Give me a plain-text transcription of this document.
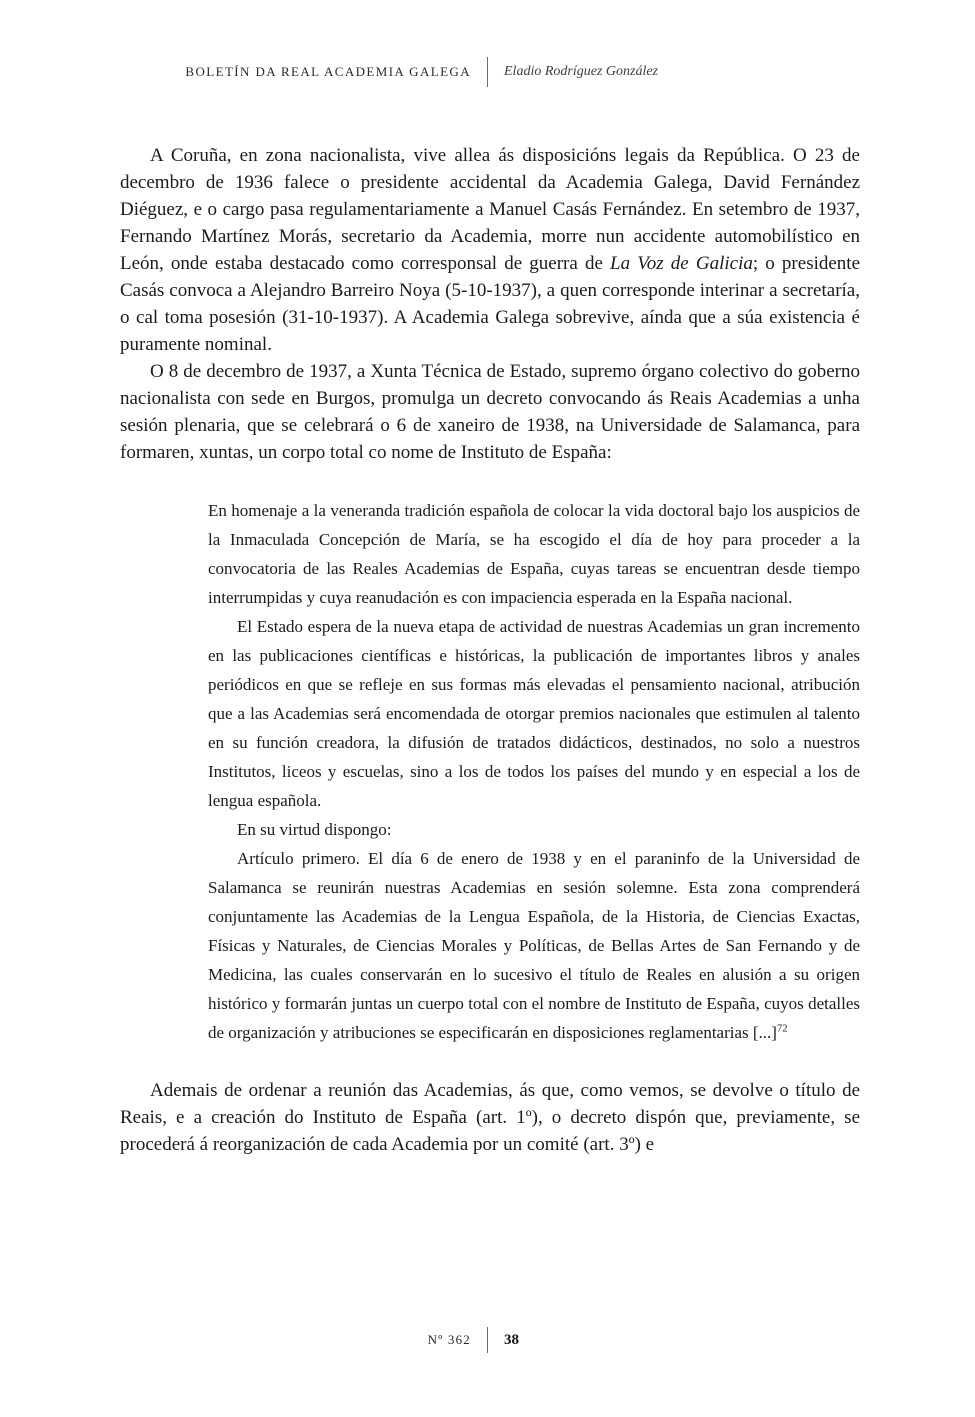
BOLETÍN DA REAL ACADEMIA GALEGA	Eladio Rodríguez González

A Coruña, en zona nacionalista, vive allea ás disposicións legais da República. O 23 de decembro de 1936 falece o presidente accidental da Academia Galega, David Fernández Diéguez, e o cargo pasa regulamentariamente a Manuel Casás Fernández. En setembro de 1937, Fernando Martínez Morás, secretario da Academia, morre nun accidente automobilístico en León, onde estaba destacado como corresponsal de guerra de La Voz de Galicia; o presidente Casás convoca a Alejandro Barreiro Noya (5-10-1937), a quen corresponde interinar a secretaría, o cal toma posesión (31-10-1937). A Academia Galega sobrevive, aínda que a súa existencia é puramente nominal.

O 8 de decembro de 1937, a Xunta Técnica de Estado, supremo órgano colectivo do goberno nacionalista con sede en Burgos, promulga un decreto convocando ás Reais Academias a unha sesión plenaria, que se celebrará o 6 de xaneiro de 1938, na Universidade de Salamanca, para formaren, xuntas, un corpo total co nome de Instituto de España:

En homenaje a la veneranda tradición española de colocar la vida doctoral bajo los auspicios de la Inmaculada Concepción de María, se ha escogido el día de hoy para proceder a la convocatoria de las Reales Academias de España, cuyas tareas se encuentran desde tiempo interrumpidas y cuya reanudación es con impaciencia esperada en la España nacional.

El Estado espera de la nueva etapa de actividad de nuestras Academias un gran incremento en las publicaciones científicas e históricas, la publicación de importantes libros y anales periódicos en que se refleje en sus formas más elevadas el pensamiento nacional, atribución que a las Academias será encomendada de otorgar premios nacionales que estimulen al talento en su función creadora, la difusión de tratados didácticos, destinados, no solo a nuestros Institutos, liceos y escuelas, sino a los de todos los países del mundo y en especial a los de lengua española.

En su virtud dispongo:

Artículo primero. El día 6 de enero de 1938 y en el paraninfo de la Universidad de Salamanca se reunirán nuestras Academias en sesión solemne. Esta zona comprenderá conjuntamente las Academias de la Lengua Española, de la Historia, de Ciencias Exactas, Físicas y Naturales, de Ciencias Morales y Políticas, de Bellas Artes de San Fernando y de Medicina, las cuales conservarán en lo sucesivo el título de Reales en alusión a su origen histórico y formarán juntas un cuerpo total con el nombre de Instituto de España, cuyos detalles de organización y atribuciones se especificarán en disposiciones reglamentarias [...]$^{72}$

Ademais de ordenar a reunión das Academias, ás que, como vemos, se devolve o título de Reais, e a creación do Instituto de España (art. 1º), o decreto dispón que, previamente, se procederá á reorganización de cada Academia por un comité (art. 3º) e

Nº 362	38
